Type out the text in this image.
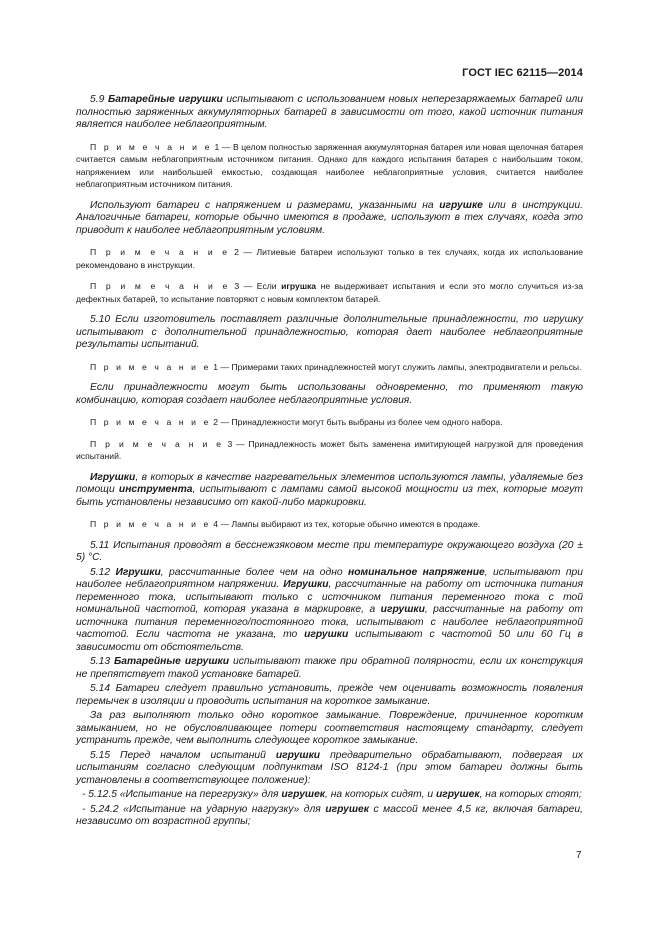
ГОСТ IEC 62115—2014
5.9 Батарейные игрушки испытывают с использованием новых неперезаряжаемых батарей или полностью заряженных аккумуляторных батарей в зависимости от того, какой источник питания является наиболее неблагоприятным.
П р и м е ч а н и е 1 — В целом полностью заряженная аккумуляторная батарея или новая щелочная батарея считается самым неблагоприятным источником питания. Однако для каждого испытания батарея с наибольшим током, напряжением или наибольшей емкостью, создающая наиболее неблагоприятные условия, считается наиболее неблагоприятным источником питания.
Используют батареи с напряжением и размерами, указанными на игрушке или в инструкции. Аналогичные батареи, которые обычно имеются в продаже, используют в тех случаях, когда это приводит к наиболее неблагоприятным условиям.
П р и м е ч а н и е 2 — Литиевые батареи используют только в тех случаях, когда их использование рекомендовано в инструкции.
П р и м е ч а н и е 3 — Если игрушка не выдерживает испытания и если это могло случиться из-за дефектных батарей, то испытание повторяют с новым комплектом батарей.
5.10 Если изготовитель поставляет различные дополнительные принадлежности, то игрушку испытывают с дополнительной принадлежностью, которая дает наиболее неблагоприятные результаты испытаний.
П р и м е ч а н и е 1 — Примерами таких принадлежностей могут служить лампы, электродвигатели и рельсы.
Если принадлежности могут быть использованы одновременно, то применяют такую комбинацию, которая создает наиболее неблагоприятные условия.
П р и м е ч а н и е 2 — Принадлежности могут быть выбраны из более чем одного набора.
П р и м е ч а н и е 3 — Принадлежность может быть заменена имитирующей нагрузкой для проведения испытаний.
Игрушки, в которых в качестве нагревательных элементов используются лампы, удаляемые без помощи инструмента, испытывают с лампами самой высокой мощности из тех, которые могут быть установлены независимо от какой-либо маркировки.
П р и м е ч а н и е 4 — Лампы выбирают из тех, которые обычно имеются в продаже.
5.11 Испытания проводят в бесснежзяковом месте при температуре окружающего воздуха (20 ± 5) °С.
5.12 Игрушки, рассчитанные более чем на одно номинальное напряжение, испытывают при наиболее неблагоприятном напряжении. Игрушки, рассчитанные на работу от источника питания переменного тока, испытывают только с источником питания переменного тока с той номинальной частотой, которая указана в маркировке, а игрушки, рассчитанные на работу от источника питания переменного/постоянного тока, испытывают с наиболее неблагоприятной частотой. Если частота не указана, то игрушки испытывают с частотой 50 или 60 Гц в зависимости от обстоятельств.
5.13 Батарейные игрушки испытывают также при обратной полярности, если их конструкция не препятствует такой установке батарей.
5.14 Батареи следует правильно установить, прежде чем оценивать возможность появления перемычек в изоляции и проводить испытания на короткое замыкание.
За раз выполняют только одно короткое замыкание. Повреждение, причиненное коротким замыканием, но не обусловливающее потери соответствия настоящему стандарту, следует устранить прежде, чем выполнить следующее короткое замыкание.
5.15 Перед началом испытаний игрушки предварительно обрабатывают, подвергая их испытаниям согласно следующим подпунктам ISO 8124-1 (при этом батареи должны быть установлены в соответствующее положение):
- 5.12.5 «Испытание на перегрузку» для игрушек, на которых сидят, и игрушек, на которых стоят;
- 5.24.2 «Испытание на ударную нагрузку» для игрушек с массой менее 4,5 кг, включая батареи, независимо от возрастной группы;
7
